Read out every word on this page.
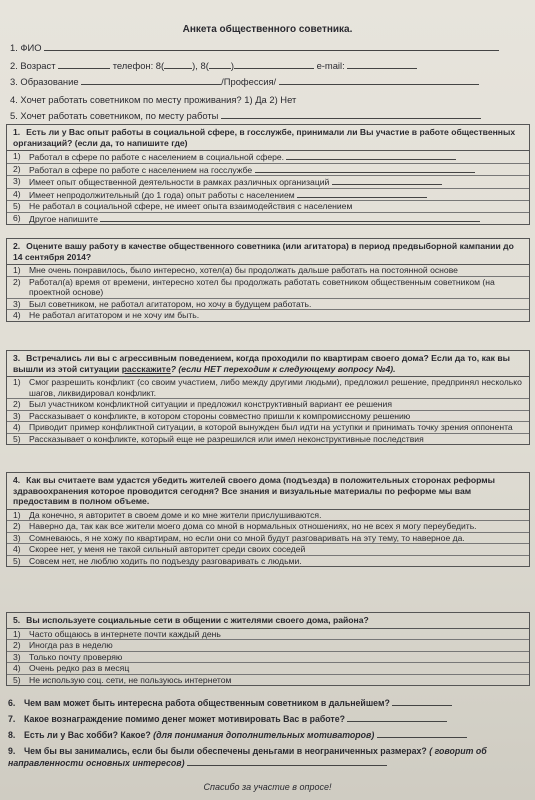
Анкета общественного советника.
1. ФИО
2. Возраст	телефон: 8(	), 8( )	e-mail:
3. Образование	/Профессия/
4. Хочет работать советником по месту проживания? 1) Да 2) Нет
5. Хочет работать советником, по месту работы
1. Есть ли у Вас опыт работы в социальной сфере, в госслужбе, принимали ли Вы участие в работе общественных организаций? (если да, то напишите где)
1) Работал в сфере по работе с населением в социальной сфере.
2) Работал в сфере по работе с населением на госслужбе
3) Имеет опыт общественной деятельности в рамках различных организаций
4) Имеет непродолжительный (до 1 года) опыт работы с населением
5) Не работал в социальной сфере, не имеет опыта взаимодействия с населением
6) Другое напишите
2. Оцените вашу работу в качестве общественного советника (или агитатора) в период предвыборной кампании до 14 сентября 2014?
1) Мне очень понравилось, было интересно, хотел(а) бы продолжать дальше работать на постоянной основе
2) Работал(а) время от времени, интересно хотел бы продолжать работать советником общественным советником (на проектной основе)
3) Был советником, не работал агитатором, но хочу в будущем работать.
4) Не работал агитатором и не хочу им быть.
3. Встречались ли вы с агрессивным поведением, когда проходили по квартирам своего дома? Если да то, как вы вышли из этой ситуации расскажите? (если НЕТ переходим к следующему вопросу №4).
1) Смог разрешить конфликт (со своим участием, либо между другими людьми), предложил решение, предпринял несколько шагов, ликвидировал конфликт.
2) Был участником конфликтной ситуации и предложил конструктивный вариант ее решения
3) Рассказывает о конфликте, в котором стороны совместно пришли к компромиссному решению
4) Приводит пример конфликтной ситуации, в которой вынужден был идти на уступки и принимать точку зрения оппонента
5) Рассказывает о конфликте, который еще не разрешился или имел неконструктивные последствия
4. Как вы считаете вам удастся убедить жителей своего дома (подъезда) в положительных сторонах реформы здравоохранения которое проводится сегодня? Все знания и визуальные материалы по реформе мы вам предоставим в полном объеме.
1) Да конечно, я авторитет в своем доме и ко мне жители прислушиваются.
2) Наверно да, так как все жители моего дома со мной в нормальных отношениях, но не всех я могу переубедить.
3) Сомневаюсь, я не хожу по квартирам, но если они со мной будут разговаривать на эту тему, то наверное да.
4) Скорее нет, у меня не такой сильный авторитет среди своих соседей
5) Совсем нет, не люблю ходить по подъезду разговаривать с людьми.
5. Вы используете социальные сети в общении с жителями своего дома, района?
1) Часто общаюсь в интернете почти каждый день
2) Иногда раз в неделю
3) Только почту проверяю
4) Очень редко раз в месяц
5) Не использую соц. сети, не пользуюсь интернетом
6. Чем вам может быть интересна работа общественным советником в дальнейшем?
7. Какое вознаграждение помимо денег может мотивировать Вас в работе?
8. Есть ли у Вас хобби? Какое? (для понимания дополнительных мотиваторов)
9. Чем бы вы занимались, если бы были обеспечены деньгами в неограниченных размерах? ( говорит об направленности основных интересов)
Спасибо за участие в опросе!
